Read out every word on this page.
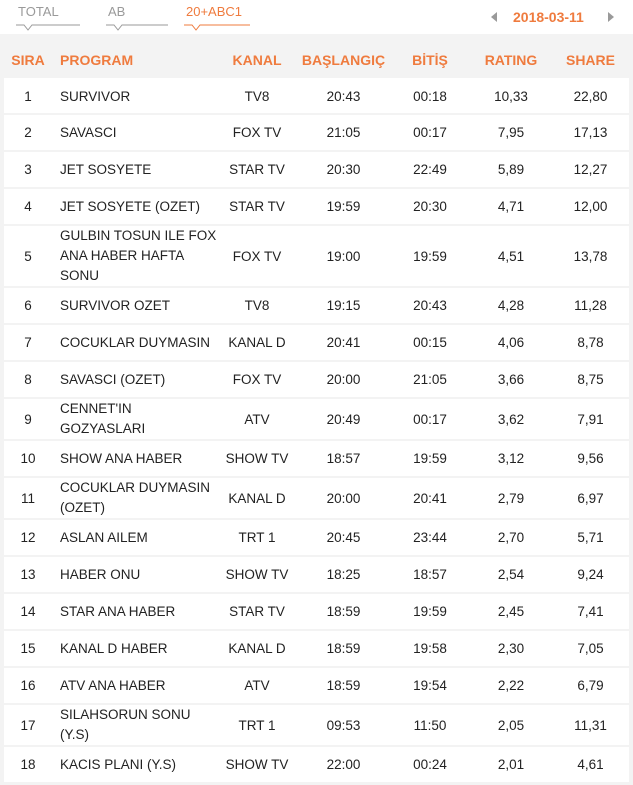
TOTAL	AB	20+ABC1	2018-03-11
SIRA	PROGRAM	KANAL	BAŞLANGIÇ	BİTİŞ	RATING	SHARE
1	SURVIVOR	TV8	20:43	00:18	10,33	22,80
2	SAVASCI	FOX TV	21:05	00:17	7,95	17,13
3	JET SOSYETE	STAR TV	20:30	22:49	5,89	12,27
4	JET SOSYETE (OZET)	STAR TV	19:59	20:30	4,71	12,00
5	GULBIN TOSUN ILE FOX ANA HABER HAFTA SONU	FOX TV	19:00	19:59	4,51	13,78
6	SURVIVOR OZET	TV8	19:15	20:43	4,28	11,28
7	COCUKLAR DUYMASIN	KANAL D	20:41	00:15	4,06	8,78
8	SAVASCI (OZET)	FOX TV	20:00	21:05	3,66	8,75
9	CENNET'IN GOZYASLARI	ATV	20:49	00:17	3,62	7,91
10	SHOW ANA HABER	SHOW TV	18:57	19:59	3,12	9,56
11	COCUKLAR DUYMASIN (OZET)	KANAL D	20:00	20:41	2,79	6,97
12	ASLAN AILEM	TRT 1	20:45	23:44	2,70	5,71
13	HABER ONU	SHOW TV	18:25	18:57	2,54	9,24
14	STAR ANA HABER	STAR TV	18:59	19:59	2,45	7,41
15	KANAL D HABER	KANAL D	18:59	19:58	2,30	7,05
16	ATV ANA HABER	ATV	18:59	19:54	2,22	6,79
17	SILAHSORUN SONU (Y.S)	TRT 1	09:53	11:50	2,05	11,31
18	KACIS PLANI (Y.S)	SHOW TV	22:00	00:24	2,01	4,61
